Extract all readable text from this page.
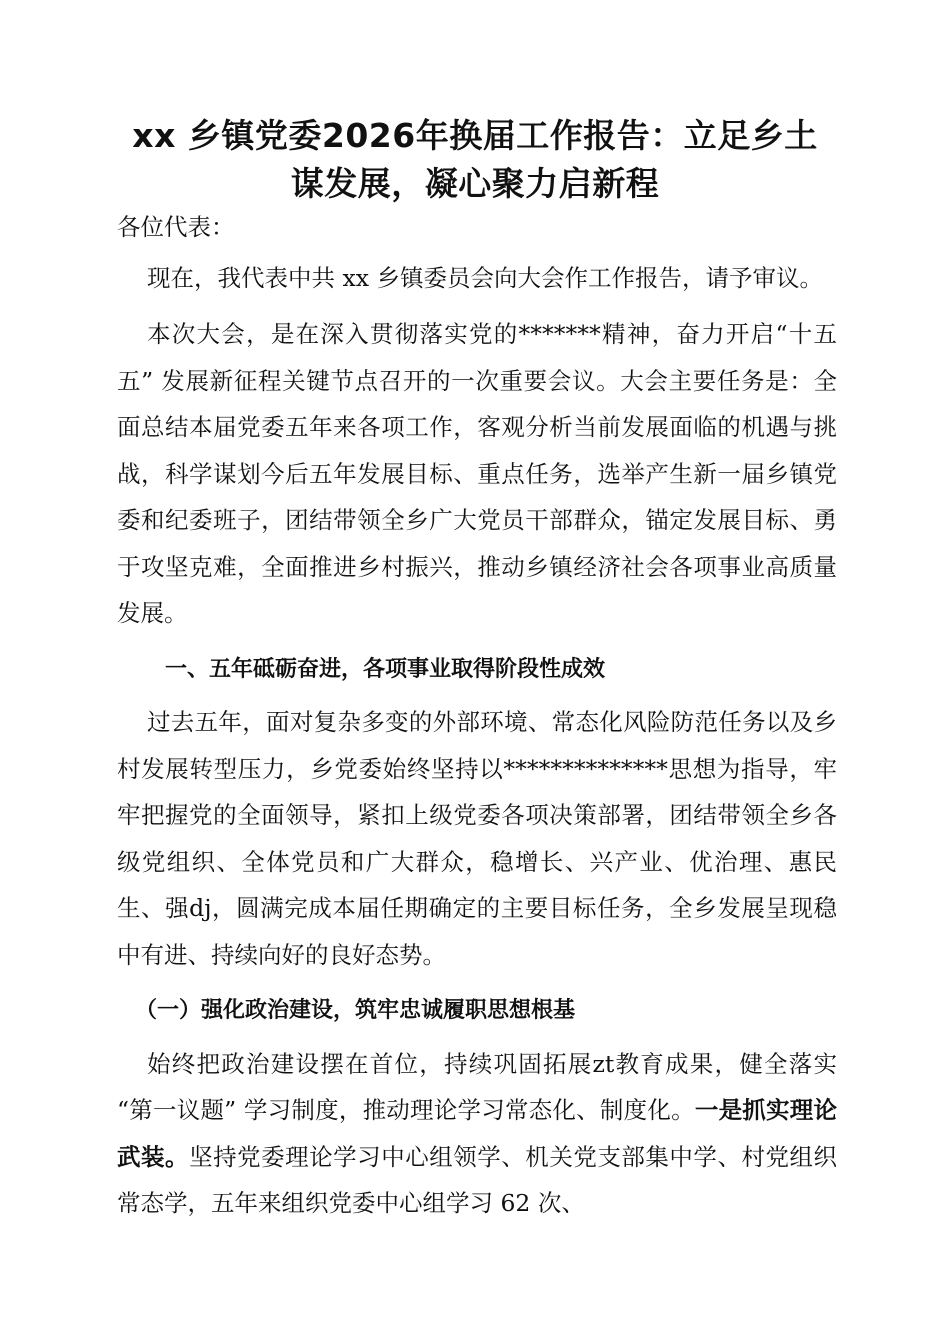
xx 乡镇党委2026年换届工作报告：立足乡土
谋发展，凝心聚力启新程

各位代表：

现在，我代表中共 xx 乡镇委员会向大会作工作报告，请予审议。

本次大会，是在深入贯彻落实党的*******精神，奋力开启“十五五” 发展新征程关键节点召开的一次重要会议。大会主要任务是：全面总结本届党委五年来各项工作，客观分析当前发展面临的机遇与挑战，科学谋划今后五年发展目标、重点任务，选举产生新一届乡镇党委和纪委班子，团结带领全乡广大党员干部群众，锚定发展目标、勇于攻坚克难，全面推进乡村振兴，推动乡镇经济社会各项事业高质量发展。

一、五年砥砺奋进，各项事业取得阶段性成效

过去五年，面对复杂多变的外部环境、常态化风险防范任务以及乡村发展转型压力，乡党委始终坚持以**************思想为指导，牢牢把握党的全面领导，紧扣上级党委各项决策部署，团结带领全乡各级党组织、全体党员和广大群众，稳增长、兴产业、优治理、惠民生、强dj，圆满完成本届任期确定的主要目标任务，全乡发展呈现稳中有进、持续向好的良好态势。

（一）强化政治建设，筑牢忠诚履职思想根基

始终把政治建设摆在首位，持续巩固拓展zt教育成果，健全落实 “第一议题” 学习制度，推动理论学习常态化、制度化。一是抓实理论武装。坚持党委理论学习中心组领学、机关党支部集中学、村党组织常态学，五年来组织党委中心组学习 62 次、
